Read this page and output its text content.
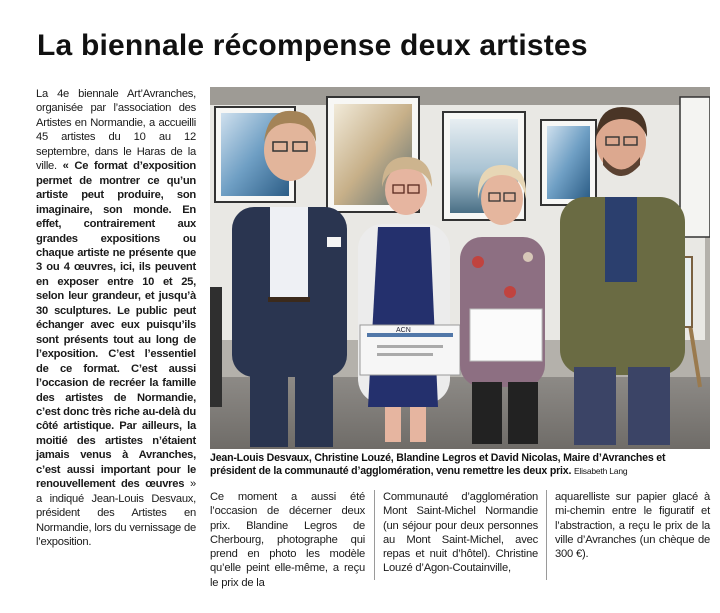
La biennale récompense deux artistes

La 4e biennale Art’Avranches, organisée par l’association des Artistes en Normandie, a accueilli 45 artistes du 10 au 12 septembre, dans le Haras de la ville. « Ce format d’exposition permet de montrer ce qu’un artiste peut produire, son imaginaire, son monde. En effet, contrairement aux grandes expositions ou chaque artiste ne présente que 3 ou 4 œuvres, ici, ils peuvent en exposer entre 10 et 25, selon leur grandeur, et jusqu’à 30 sculptures. Le public peut échanger avec eux puisqu’ils sont présents tout au long de l’exposition. C’est l’essentiel de ce format. C’est aussi l’occasion de recréer la famille des artistes de Normandie, c’est donc très riche au-delà du côté artistique. Par ailleurs, la moitié des artistes n’étaient jamais venus à Avranches, c’est aussi important pour le renouvellement des œuvres » a indiqué Jean-Louis Desvaux, président des Artistes en Normandie, lors du vernissage de l’exposition.

ACN
Jean-Louis Desvaux, Christine Louzé, Blandine Legros et David Nicolas, Maire d’Avranches et président de la communauté d’agglomération, venu remettre les deux prix. Elisabeth Lang

Ce moment a aussi été l’occasion de décerner deux prix. Blandine Legros de Cherbourg, photographe qui prend en photo les modèle qu’elle peint elle-même, a reçu le prix de la

Communauté d’agglomération Mont Saint-Michel Normandie (un séjour pour deux personnes au Mont Saint-Michel, avec repas et nuit d’hôtel). Christine Louzé d’Agon-Coutainville,

aquarelliste sur papier glacé à mi-chemin entre le figuratif et l’abstraction, a reçu le prix de la ville d’Avranches (un chèque de 300 €).
